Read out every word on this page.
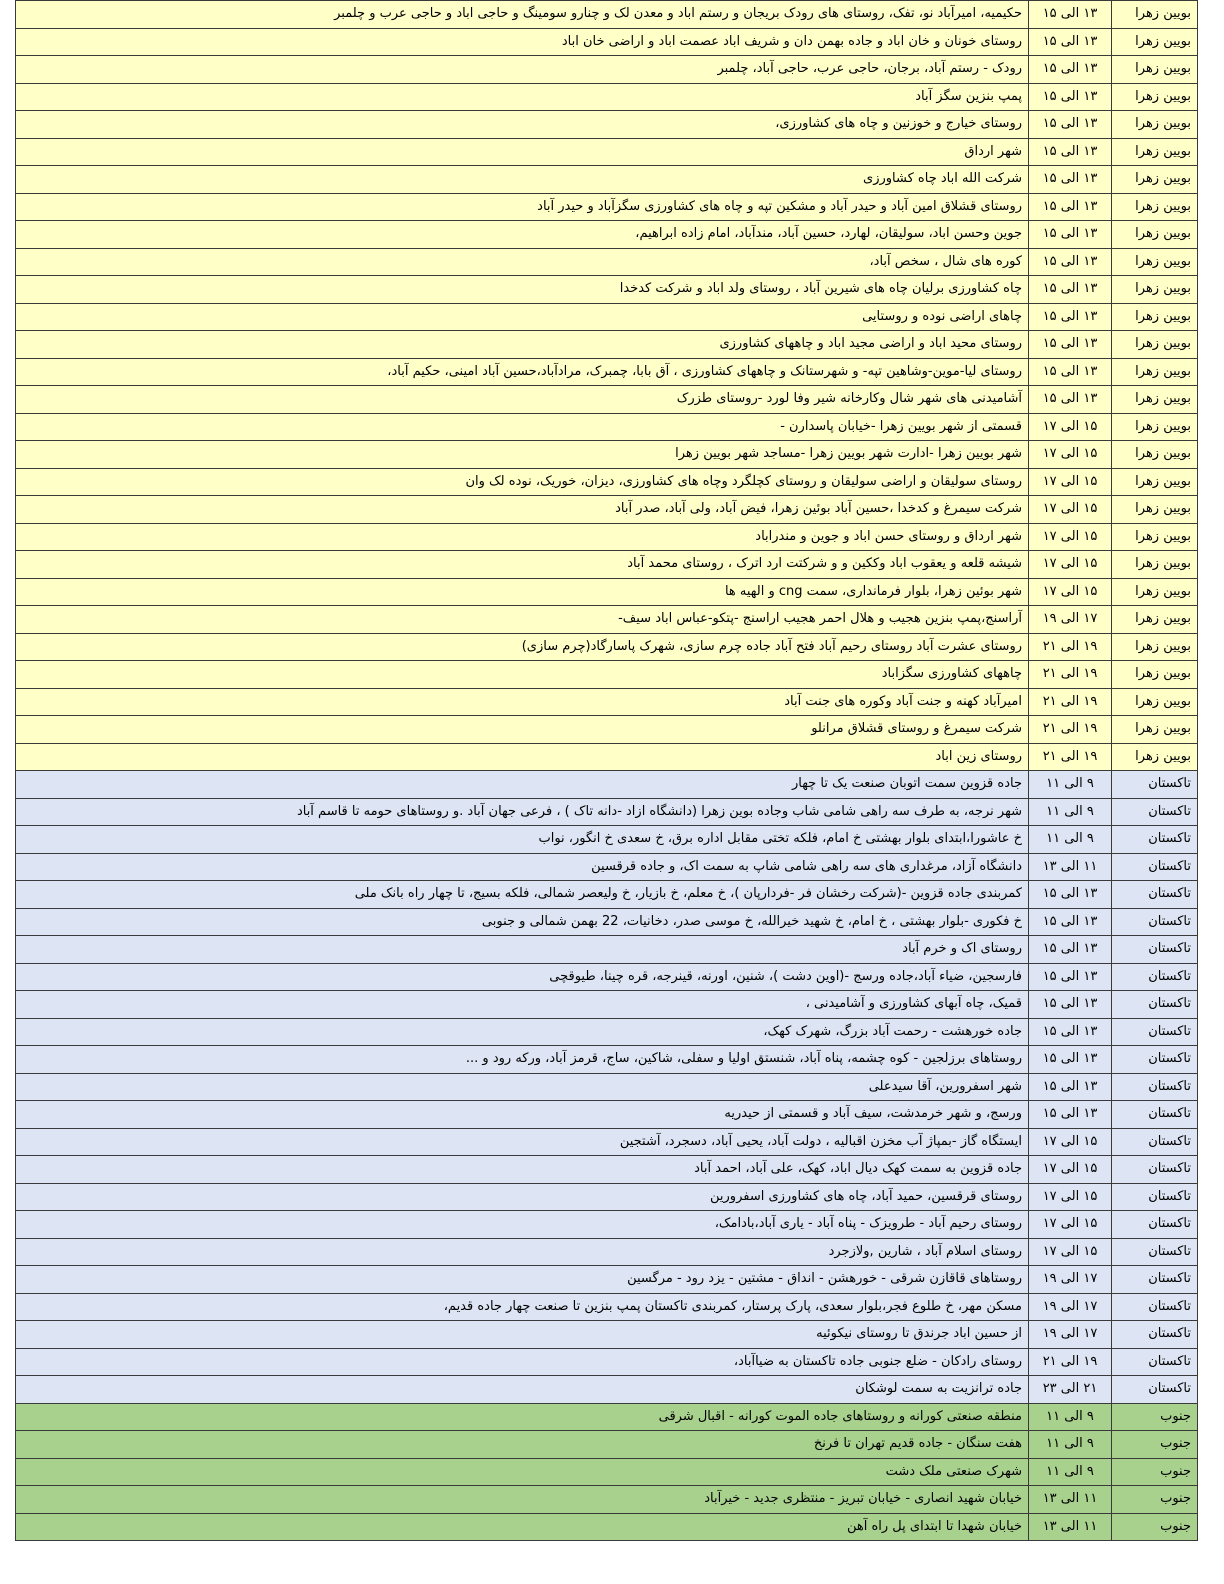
بویین زهرا	۱۳ الی ۱۵	حکیمیه، امیرآباد نو، تفک، روستای های رودک بریجان و رستم اباد و معدن لک و چنارو سومینگ و حاجی اباد و حاجی عرب و چلمبر
بویین زهرا	۱۳ الی ۱۵	روستای خونان و خان اباد و جاده بهمن دان و شریف اباد عصمت اباد و اراضی خان اباد
بویین زهرا	۱۳ الی ۱۵	رودک - رستم آباد، برجان، حاجی عرب، حاجی آباد، چلمبر
بویین زهرا	۱۳ الی ۱۵	پمپ بنزین سگز آباد
بویین زهرا	۱۳ الی ۱۵	روستای خیارج و خوزنین و چاه های کشاورزی،
بویین زهرا	۱۳ الی ۱۵	شهر ارداق
بویین زهرا	۱۳ الی ۱۵	شرکت الله اباد چاه کشاورزی
بویین زهرا	۱۳ الی ۱۵	روستای قشلاق امین آباد و حیدر آباد و مشکین تپه و چاه های کشاورزی سگزآباد و حیدر آباد
بویین زهرا	۱۳ الی ۱۵	جوین وحسن اباد، سولیقان، لهارد، حسین آباد، مندآباد، امام زاده ابراهیم،
بویین زهرا	۱۳ الی ۱۵	کوره های شال ، سخص آباد،
بویین زهرا	۱۳ الی ۱۵	چاه کشاورزی برلیان چاه های شیرین آباد ، روستای ولد اباد و شرکت کدخدا
بویین زهرا	۱۳ الی ۱۵	چاهای اراضی نوده و روستایی
بویین زهرا	۱۳ الی ۱۵	روستای محید اباد و اراضی مجید اباد و چاههای کشاورزی
بویین زهرا	۱۳ الی ۱۵	روستای لیا-موین-وشاهین تپه- و شهرستانک و چاههای کشاورزی ، آق بابا، چمبرک، مرادآباد،حسین آباد امینی، حکیم آباد،
بویین زهرا	۱۳ الی ۱۵	آشامیدنی های شهر شال وکارخانه شیر وفا لورد -روستای طزرک
بویین زهرا	۱۵ الی ۱۷	قسمتی از شهر بویین زهرا -خیابان پاسدارن -
بویین زهرا	۱۵ الی ۱۷	شهر بویین زهرا -ادارت شهر بویین زهرا -مساجد شهر بویین زهرا
بویین زهرا	۱۵ الی ۱۷	روستای سولیقان و اراضی سولیقان و روستای کچلگرد وچاه های کشاورزی، دیزان، خوریک، نوده لک وان
بویین زهرا	۱۵ الی ۱۷	شرکت سیمرغ و کدخدا ،حسین آباد بوئین زهرا، فیض آباد، ولی آباد، صدر آباد
بویین زهرا	۱۵ الی ۱۷	شهر ارداق و روستای حسن اباد و جوین و مندراباد
بویین زهرا	۱۵ الی ۱۷	شیشه قلعه و یعقوب اباد وککین و و شرکتت ارد اترک ، روستای محمد آباد
بویین زهرا	۱۵ الی ۱۷	شهر بوئین زهرا، بلوار فرمانداری، سمت cng و الهیه ها
بویین زهرا	۱۷ الی ۱۹	آراسنج،پمپ بنزین هجیب و هلال احمر هجیب اراسنج -پتکو-عباس اباد سیف-
بویین زهرا	۱۹ الی ۲۱	روستای عشرت آباد روستای رحیم آباد فتح آباد جاده چرم سازی، شهرک پاسارگاد(چرم سازی)
بویین زهرا	۱۹ الی ۲۱	چاههای کشاورزی سگزاباد
بویین زهرا	۱۹ الی ۲۱	امیرآباد کهنه و جنت آباد وکوره های جنت آباد
بویین زهرا	۱۹ الی ۲۱	شرکت سیمرغ و روستای قشلاق مرانلو
بویین زهرا	۱۹ الی ۲۱	روستای زین اباد
تاکستان	۹ الی ۱۱	جاده قزوین سمت اتوبان صنعت یک تا چهار
تاکستان	۹ الی ۱۱	شهر نرجه، به طرف سه راهی شامی شاب وجاده بوین زهرا (دانشگاه ازاد -دانه تاک ) ، فرعی جهان آباد .و روستاهای حومه تا قاسم آباد
تاکستان	۹ الی ۱۱	خ عاشورا،ابتدای بلوار بهشتی خ امام، فلکه تختی مقابل اداره برق، خ سعدی خ انگور، نواب
تاکستان	۱۱ الی ۱۳	دانشگاه آزاد، مرغداری های سه راهی شامی شاپ به سمت اک، و جاده قرقسین
تاکستان	۱۳ الی ۱۵	کمربندی جاده قزوین -(شرکت رخشان فر -فردارپان )، خ معلم، خ بازیار، خ ولیعصر شمالی، فلکه بسیج، تا چهار راه بانک ملی
تاکستان	۱۳ الی ۱۵	خ فکوری -بلوار بهشتی ، خ امام، خ شهید خیرالله، خ موسی صدر، دخانیات، 22 بهمن شمالی و جنوبی
تاکستان	۱۳ الی ۱۵	روستای اک و خرم آباد
تاکستان	۱۳ الی ۱۵	فارسجین، ضیاء آباد،جاده ورسج -(اوین دشت )، شنین، اورنه، قینرجه، قره چینا، طیوقچی
تاکستان	۱۳ الی ۱۵	قمیک، چاه آبهای کشاورزی و آشامیدنی ،
تاکستان	۱۳ الی ۱۵	جاده خورهشت - رحمت آباد بزرگ، شهرک کهک،
تاکستان	۱۳ الی ۱۵	روستاهای برزلجین - کوه چشمه، پناه آباد، شنستق اولیا و سفلی، شاکین، ساج، قرمز آباد، ورکه رود و ...
تاکستان	۱۳ الی ۱۵	شهر اسفرورین، آقا سیدعلی
تاکستان	۱۳ الی ۱۵	ورسج، و شهر خرمدشت، سیف آباد و قسمتی از حیدریه
تاکستان	۱۵ الی ۱۷	ایستگاه گاز -بمپاژ آب مخزن اقبالیه ، دولت آباد، یحیی آباد، دسجرد، آشتجین
تاکستان	۱۵ الی ۱۷	جاده قزوین به سمت کهک دیال اباد، کهک، علی آباد، احمد آباد
تاکستان	۱۵ الی ۱۷	روستای قرقسین، حمید آباد، چاه های کشاورزی اسفرورین
تاکستان	۱۵ الی ۱۷	روستای رحیم آباد - طرویزک - پناه آباد - یاری آباد،بادامک،
تاکستان	۱۵ الی ۱۷	روستای اسلام آباد ، شارین ,ولازجرد
تاکستان	۱۷ الی ۱۹	روستاهای قاقازن شرقی - خورهشن - انداق - مشتین - یزد رود - مرگسین
تاکستان	۱۷ الی ۱۹	مسکن مهر، خ طلوع فجر،بلوار سعدی، پارک پرستار، کمربندی تاکستان پمپ بنزین تا صنعت چهار جاده قدیم،
تاکستان	۱۷ الی ۱۹	از حسین اباد جرندق تا روستای نیکوئیه
تاکستان	۱۹ الی ۲۱	روستای رادکان - ضلع جنوبی جاده تاکستان به ضیاآباد،
تاکستان	۲۱ الی ۲۳	جاده ترانزیت به سمت لوشکان
جنوب	۹ الی ۱۱	منطقه صنعتی کورانه و روستاهای جاده الموت کورانه - اقبال شرقی
جنوب	۹ الی ۱۱	هفت سنگان - جاده قدیم تهران تا فرنخ
جنوب	۹ الی ۱۱	شهرک صنعتی ملک دشت
جنوب	۱۱ الی ۱۳	خیابان شهید انصاری - خیابان تبریز - منتظری جدید - خیرآباد
جنوب	۱۱ الی ۱۳	خیابان شهدا تا ابتدای پل راه آهن
